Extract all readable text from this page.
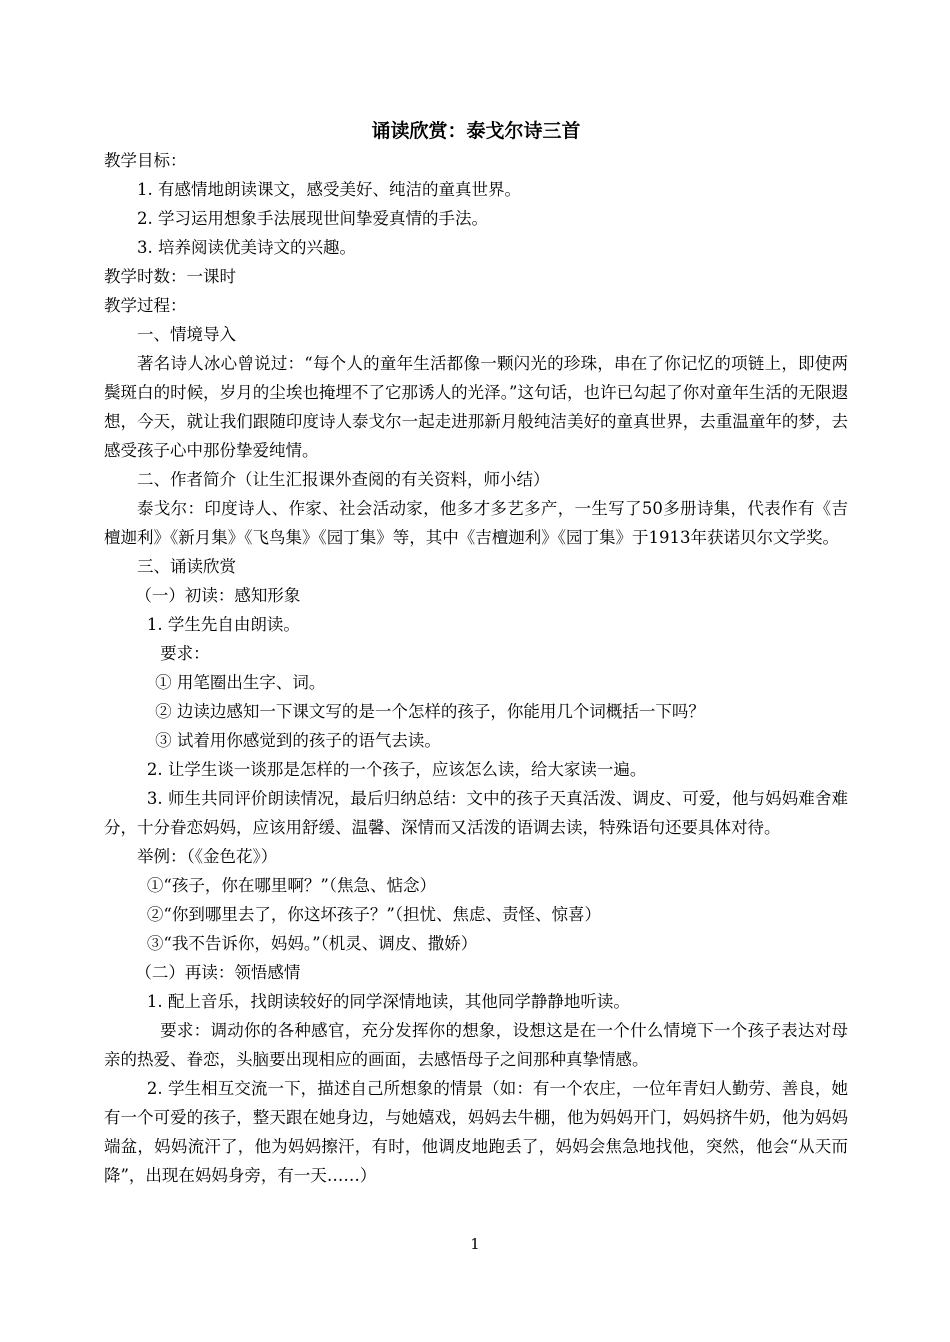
诵读欣赏：泰戈尔诗三首

教学目标：

1. 有感情地朗读课文，感受美好、纯洁的童真世界。

2. 学习运用想象手法展现世间挚爱真情的手法。

3. 培养阅读优美诗文的兴趣。

教学时数：一课时

教学过程：

一、情境导入

著名诗人冰心曾说过：“每个人的童年生活都像一颗闪光的珍珠，串在了你记忆的项链上，即使两鬓斑白的时候，岁月的尘埃也掩埋不了它那诱人的光泽。”这句话，也许已勾起了你对童年生活的无限遐想，今天，就让我们跟随印度诗人泰戈尔一起走进那新月般纯洁美好的童真世界，去重温童年的梦，去感受孩子心中那份挚爱纯情。

二、作者简介（让生汇报课外查阅的有关资料，师小结）

泰戈尔：印度诗人、作家、社会活动家，他多才多艺多产，一生写了50多册诗集，代表作有《吉檀迦利》《新月集》《飞鸟集》《园丁集》等，其中《吉檀迦利》《园丁集》于1913年获诺贝尔文学奖。

三、诵读欣赏

（一）初读：感知形象

1. 学生先自由朗读。

要求：

① 用笔圈出生字、词。

② 边读边感知一下课文写的是一个怎样的孩子，你能用几个词概括一下吗？

③ 试着用你感觉到的孩子的语气去读。

2. 让学生谈一谈那是怎样的一个孩子，应该怎么读，给大家读一遍。

3. 师生共同评价朗读情况，最后归纳总结：文中的孩子天真活泼、调皮、可爱，他与妈妈难舍难分，十分眷恋妈妈，应该用舒缓、温馨、深情而又活泼的语调去读，特殊语句还要具体对待。

举例：（《金色花》）

①“孩子，你在哪里啊？”（焦急、惦念）

②“你到哪里去了，你这坏孩子？”（担忧、焦虑、责怪、惊喜）

③“我不告诉你，妈妈。”（机灵、调皮、撒娇）

（二）再读：领悟感情

1. 配上音乐，找朗读较好的同学深情地读，其他同学静静地听读。

要求：调动你的各种感官，充分发挥你的想象，设想这是在一个什么情境下一个孩子表达对母亲的热爱、眷恋，头脑要出现相应的画面，去感悟母子之间那种真挚情感。

2. 学生相互交流一下，描述自己所想象的情景（如：有一个农庄，一位年青妇人勤劳、善良，她有一个可爱的孩子，整天跟在她身边，与她嬉戏，妈妈去牛棚，他为妈妈开门，妈妈挤牛奶，他为妈妈端盆，妈妈流汗了，他为妈妈擦汗，有时，他调皮地跑丢了，妈妈会焦急地找他，突然，他会“从天而降”，出现在妈妈身旁，有一天……）

1
